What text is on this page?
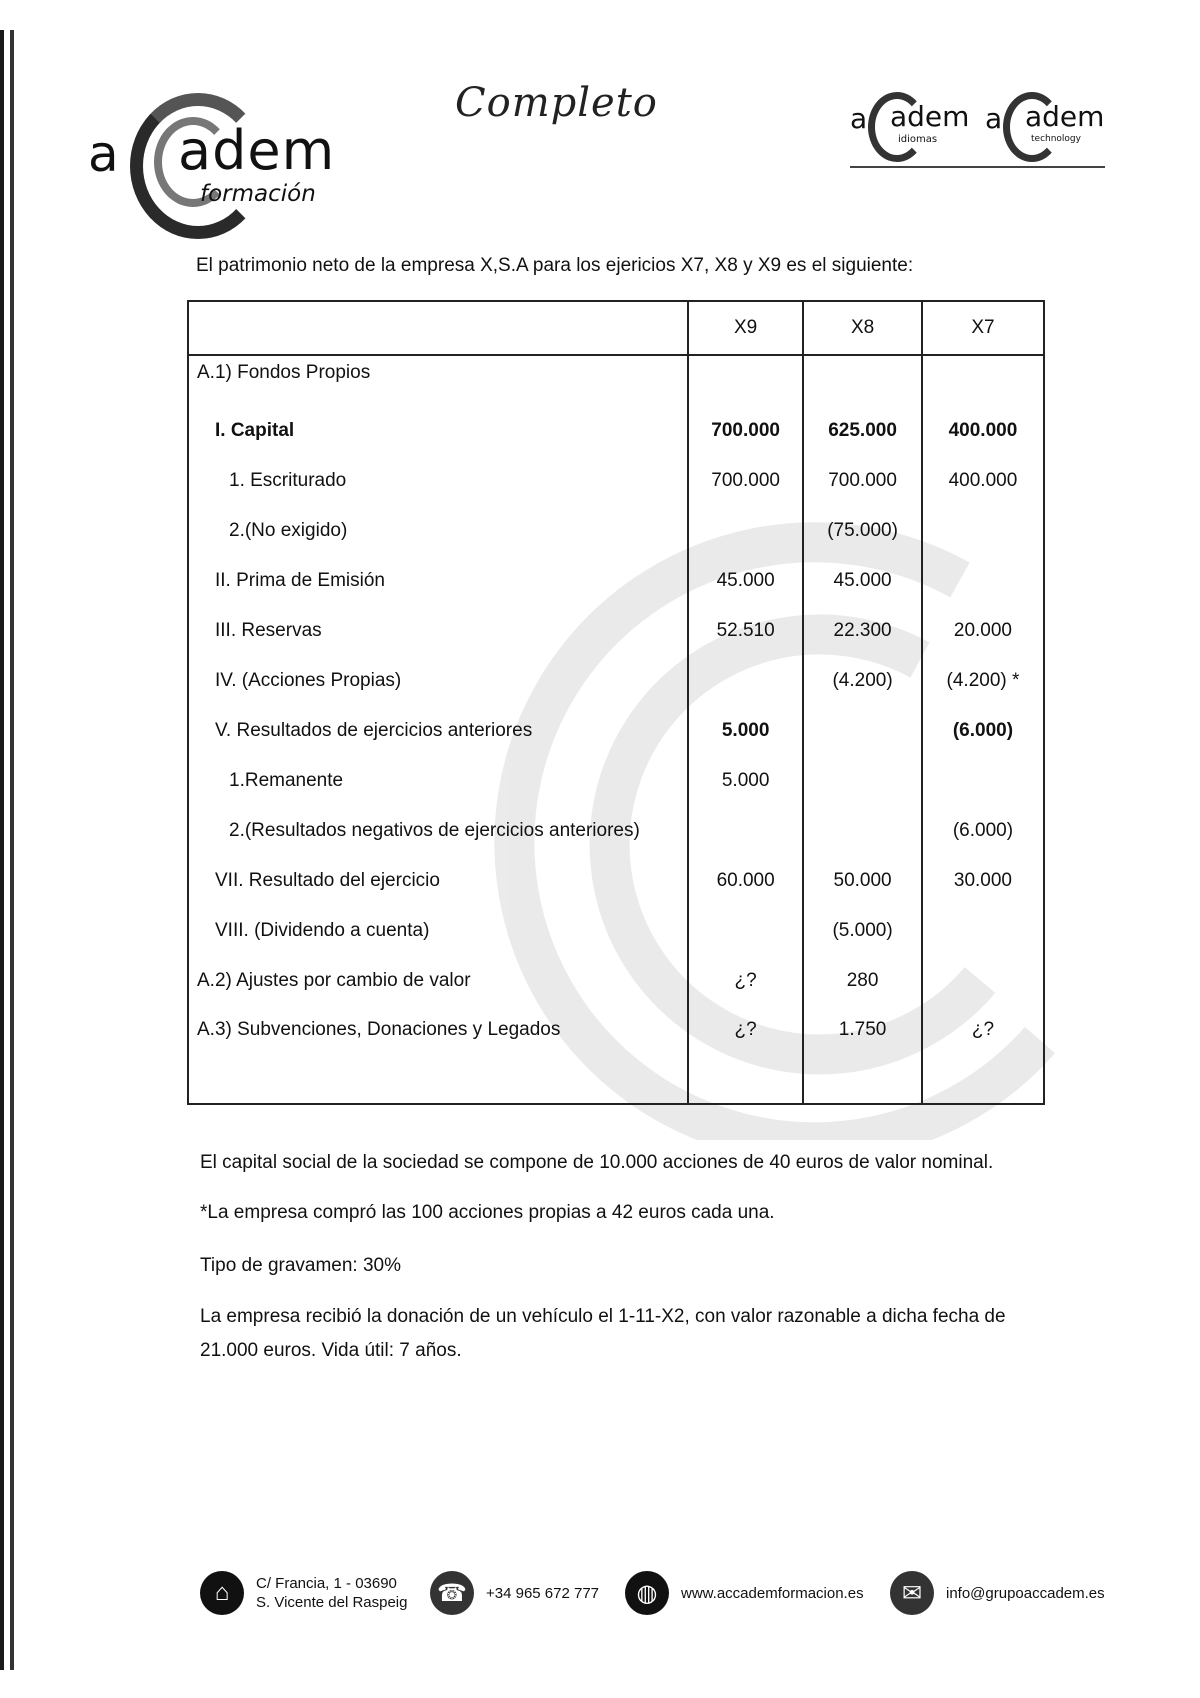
a adem
formación
Completo	a adem
idiomas
a adem
technology
El patrimonio neto de la empresa X,S.A para los ejericios X7, X8 y X9 es el siguiente:
	X9	X8	X7
A.1) Fondos Propios			
I. Capital	700.000	625.000	400.000
1. Escriturado	700.000	700.000	400.000
2.(No exigido)		(75.000)	
II. Prima de Emisión	45.000	45.000	
III. Reservas	52.510	22.300	20.000
IV. (Acciones Propias)		(4.200)	(4.200) *
V. Resultados de ejercicios anteriores	5.000		(6.000)
1.Remanente	5.000		
2.(Resultados negativos de ejercicios anteriores)			(6.000)
VII. Resultado del ejercicio	60.000	50.000	30.000
VIII. (Dividendo a cuenta)		(5.000)	
A.2) Ajustes por cambio de valor	¿?	280	
A.3) Subvenciones, Donaciones y Legados	¿?	1.750	¿?
El capital social de la sociedad se compone de 10.000 acciones de 40 euros de valor nominal.
*La empresa compró las 100 acciones propias a 42 euros cada una.
Tipo de gravamen: 30%
La empresa recibió la donación de un vehículo el 1-11-X2, con valor razonable a dicha fecha de
21.000 euros. Vida útil: 7 años.
⌂	C/ Francia, 1 - 03690
S. Vicente del Raspeig ☎	+34 965 672 777	◍	www.accademformacion.es	✉	info@grupoaccadem.es
